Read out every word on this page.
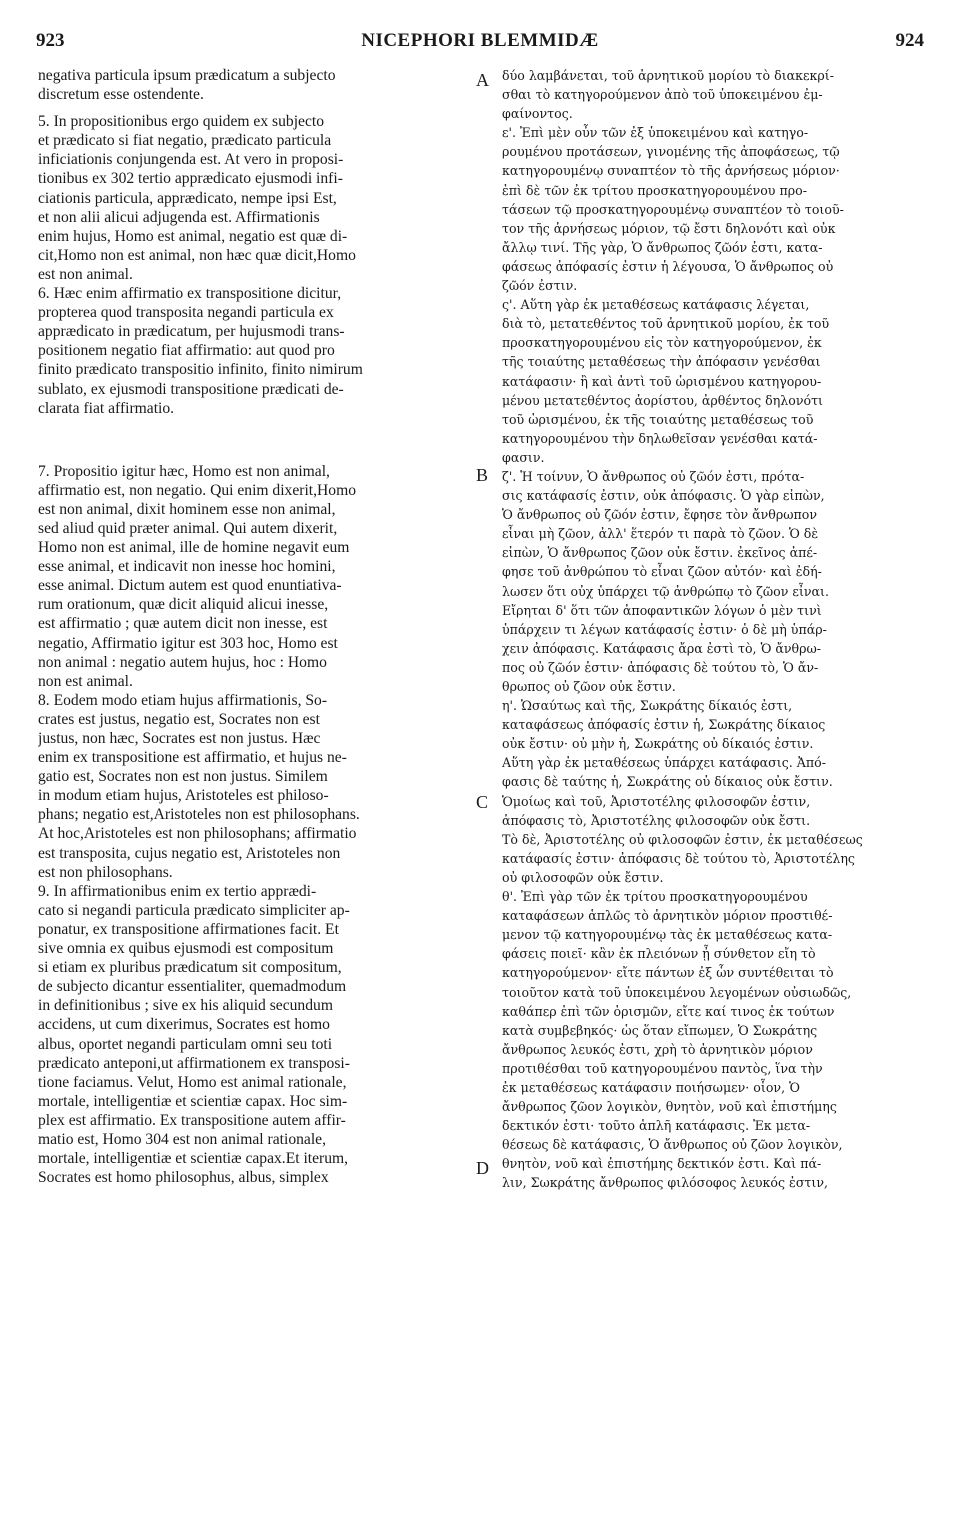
923	NICEPHORI BLEMMIDÆ	924
A
B
C
D
negativa particula ipsum prædicatum a subjecto
discretum esse ostendente.
5. In propositionibus ergo quidem ex subjecto
et prædicato si fiat negatio, prædicato particula
inficiationis conjungenda est. At vero in proposi-
tionibus ex 302 tertio apprædicato ejusmodi infi-
ciationis particula, apprædicato, nempe ipsi Est,
et non alii alicui adjugenda est. Affirmationis
enim hujus, Homo est animal, negatio est quæ di-
cit,Homo non est animal, non hæc quæ dicit,Homo
est non animal.
6. Hæc enim affirmatio ex transpositione dicitur,
propterea quod transposita negandi particula ex
apprædicato in prædicatum, per hujusmodi trans-
positionem negatio fiat affirmatio: aut quod pro
finito prædicato transpositio infinito, finito nimirum
sublato, ex ejusmodi transpositione prædicati de-
clarata fiat affirmatio.
7. Propositio igitur hæc, Homo est non animal,
affirmatio est, non negatio. Qui enim dixerit,Homo
est non animal, dixit hominem esse non animal,
sed aliud quid præter animal. Qui autem dixerit,
Homo non est animal, ille de homine negavit eum
esse animal, et indicavit non inesse hoc homini,
esse animal. Dictum autem est quod enuntiativa-
rum orationum, quæ dicit aliquid alicui inesse,
est affirmatio ; quæ autem dicit non inesse, est
negatio, Affirmatio igitur est 303 hoc, Homo est
non animal : negatio autem hujus, hoc : Homo
non est animal.
8. Eodem modo etiam hujus affirmationis, So-
crates est justus, negatio est, Socrates non est
justus, non hæc, Socrates est non justus. Hæc
enim ex transpositione est affirmatio, et hujus ne-
gatio est, Socrates non est non justus. Similem
in modum etiam hujus, Aristoteles est philoso-
phans; negatio est,Aristoteles non est philosophans.
At hoc,Aristoteles est non philosophans; affirmatio
est transposita, cujus negatio est, Aristoteles non
est non philosophans.
9. In affirmationibus enim ex tertio apprædi-
cato si negandi particula prædicato simpliciter ap-
ponatur, ex transpositione affirmationes facit. Et
sive omnia ex quibus ejusmodi est compositum
si etiam ex pluribus prædicatum sit compositum,
de subjecto dicantur essentialiter, quemadmodum
in definitionibus ; sive ex his aliquid secundum
accidens, ut cum dixerimus, Socrates est homo
albus, oportet negandi particulam omni seu toti
prædicato anteponi,ut affirmationem ex transposi-
tione faciamus. Velut, Homo est animal rationale,
mortale, intelligentiæ et scientiæ capax. Hoc sim-
plex est affirmatio. Ex transpositione autem affir-
matio est, Homo 304 est non animal rationale,
mortale, intelligentiæ et scientiæ capax.Et iterum,
Socrates est homo philosophus, albus, simplex
δύο λαμβάνεται, τοῦ ἀρνητικοῦ μορίου τὸ διακεκρί-
σθαι τὸ κατηγορούμενον ἀπὸ τοῦ ὑποκειμένου ἐμ-
φαίνοντος.
ε'. Ἐπὶ μὲν οὖν τῶν ἐξ ὑποκειμένου καὶ κατηγο-
ρουμένου προτάσεων, γινομένης τῆς ἀποφάσεως, τῷ
κατηγορουμένῳ συναπτέον τὸ τῆς ἀρνήσεως μόριον·
ἐπὶ δὲ τῶν ἐκ τρίτου προσκατηγορουμένου προ-
τάσεων τῷ προσκατηγορουμένῳ συναπτέον τὸ τοιοῦ-
τον τῆς ἀρνήσεως μόριον, τῷ ἔστι δηλονότι καὶ οὐκ
ἄλλῳ τινί. Τῆς γὰρ, Ὁ ἄνθρωπος ζῶόν ἐστι, κατα-
φάσεως ἀπόφασίς ἐστιν ἡ λέγουσα, Ὁ ἄνθρωπος οὐ
ζῶόν ἐστιν.
ς'. Αὕτη γὰρ ἐκ μεταθέσεως κατάφασις λέγεται,
διὰ τὸ, μετατεθέντος τοῦ ἀρνητικοῦ μορίου, ἐκ τοῦ
προσκατηγορουμένου εἰς τὸν κατηγορούμενον, ἐκ
τῆς τοιαύτης μεταθέσεως τὴν ἀπόφασιν γενέσθαι
κατάφασιν· ἢ καὶ ἀντὶ τοῦ ὡρισμένου κατηγορου-
μένου μετατεθέντος ἀορίστου, ἀρθέντος δηλονότι
τοῦ ὡρισμένου, ἐκ τῆς τοιαύτης μεταθέσεως τοῦ
κατηγορουμένου τὴν δηλωθεῖσαν γενέσθαι κατά-
φασιν.
ζ'. Ἡ τοίνυν, Ὁ ἄνθρωπος οὐ ζῶόν ἐστι, πρότα-
σις κατάφασίς ἐστιν, οὐκ ἀπόφασις. Ὁ γὰρ εἰπὼν,
Ὁ ἄνθρωπος οὐ ζῶόν ἐστιν, ἔφησε τὸν ἄνθρωπον
εἶναι μὴ ζῶον, ἀλλ' ἕτερόν τι παρὰ τὸ ζῶον. Ὁ δὲ
εἰπὼν, Ὁ ἄνθρωπος ζῶον οὐκ ἔστιν. ἐκεῖνος ἀπέ-
φησε τοῦ ἀνθρώπου τὸ εἶναι ζῶον αὐτόν· καὶ ἐδή-
λωσεν ὅτι οὐχ ὑπάρχει τῷ ἀνθρώπῳ τὸ ζῶον εἶναι.
Εἴρηται δ' ὅτι τῶν ἀποφαντικῶν λόγων ὁ μὲν τινὶ
ὑπάρχειν τι λέγων κατάφασίς ἐστιν· ὁ δὲ μὴ ὑπάρ-
χειν ἀπόφασις. Κατάφασις ἄρα ἐστὶ τὸ, Ὁ ἄνθρω-
πος οὐ ζῶόν ἐστιν· ἀπόφασις δὲ τούτου τὸ, Ὁ ἄν-
θρωπος οὐ ζῶον οὐκ ἔστιν.
η'. Ὡσαύτως καὶ τῆς, Σωκράτης δίκαιός ἐστι,
καταφάσεως ἀπόφασίς ἐστιν ἡ, Σωκράτης δίκαιος
οὐκ ἔστιν· οὐ μὴν ἡ, Σωκράτης οὐ δίκαιός ἐστιν.
Αὕτη γὰρ ἐκ μεταθέσεως ὑπάρχει κατάφασις. Ἀπό-
φασις δὲ ταύτης ἡ, Σωκράτης οὐ δίκαιος οὐκ ἔστιν.
Ὁμοίως καὶ τοῦ, Ἀριστοτέλης φιλοσοφῶν ἐστιν,
ἀπόφασις τὸ, Ἀριστοτέλης φιλοσοφῶν οὐκ ἔστι.
Τὸ δὲ, Ἀριστοτέλης οὐ φιλοσοφῶν ἐστιν, ἐκ μεταθέσεως
κατάφασίς ἐστιν· ἀπόφασις δὲ τούτου τὸ, Ἀριστοτέλης
οὐ φιλοσοφῶν οὐκ ἔστιν.
θ'. Ἐπὶ γὰρ τῶν ἐκ τρίτου προσκατηγορουμένου
καταφάσεων ἁπλῶς τὸ ἀρνητικὸν μόριον προστιθέ-
μενον τῷ κατηγορουμένῳ τὰς ἐκ μεταθέσεως κατα-
φάσεις ποιεῖ· κἂν ἐκ πλειόνων ᾖ σύνθετον εἴη τὸ
κατηγορούμενον· εἴτε πάντων ἐξ ὧν συντέθειται τὸ
τοιοῦτον κατὰ τοῦ ὑποκειμένου λεγομένων οὐσιωδῶς,
καθάπερ ἐπὶ τῶν ὁρισμῶν, εἴτε καί τινος ἐκ τούτων
κατὰ συμβεβηκός· ὡς ὅταν εἴπωμεν, Ὁ Σωκράτης
ἄνθρωπος λευκός ἐστι, χρὴ τὸ ἀρνητικὸν μόριον
προτιθέσθαι τοῦ κατηγορουμένου παντὸς, ἵνα τὴν
ἐκ μεταθέσεως κατάφασιν ποιήσωμεν· οἷον, Ὁ
ἄνθρωπος ζῶον λογικὸν, θνητὸν, νοῦ καὶ ἐπιστήμης
δεκτικόν ἐστι· τοῦτο ἁπλῆ κατάφασις. Ἐκ μετα-
θέσεως δὲ κατάφασις, Ὁ ἄνθρωπος οὐ ζῶον λογικὸν,
θνητὸν, νοῦ καὶ ἐπιστήμης δεκτικόν ἐστι. Καὶ πά-
λιν, Σωκράτης ἄνθρωπος φιλόσοφος λευκός ἐστιν,
